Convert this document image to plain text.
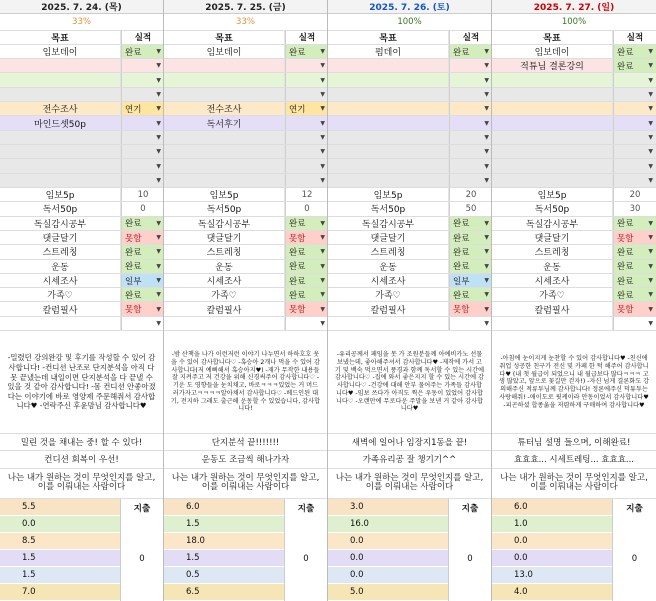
2025. 7. 24. (목)
33%
목표	실적
임보데이	완료 ▼
▼
▼
▼
전수조사	연기 ▼
마인드셋50p	▼
▼
▼
▼
▼
임보5p	10
독서50p	0
독실감시공부	완료 ▼
댓글달기	못함 ▼
스트레칭	완료 ▼
운동	완료 ▼
시세조사	일부 ▼
가족♡	완료 ▼
칼럼필사	못함 ▼
▼
-밀렸던 강의완강 및 후기를 작성할 수 있어 감사합니다! -컨디션 난조로 단지분석을 아직 다 못 끝냈는데 내일이면 단지분석을 다 끝낼 수 있을 것 같아 감사합니다! -몸 컨디션 안좋아졌다는 이야기에 바로 영양제 주문해줘서 감사합니다♥ -연락주신 후윤맘님 감사합니다♥
밀린 것을 채내는 중! 할 수 있다!
컨디션 회복이 우선!
나는 내가 원하는 것이 무엇인지를 알고, 이를 이뤄내는 사람이다
5.5
0.0
8.5
1.5
1.5
7.0
지출
0
2025. 7. 25. (금)
33%
목표	실적
임보데이	완료 ▼
▼
▼
▼
전수조사	연기 ▼
독서후기	▼
▼
▼
▼
▼
임보5p	12
독서50p	0
독실감시공부	완료 ▼
댓글달기	못함 ▼
스트레칭	완료 ▼
운동	완료 ▼
시세조사	완료 ▼
가족♡	완료 ▼
칼럼필사	못함 ▼
▼
-밤 산책을 나가 이런저런 이야기 나누면서 하하호호 웃을 수 있어 감사합니다♡ -혹승아 2개나 먹을 수 있어 감사합니다(저 예뻐해서 혹승아지♥) -재가 무작한 내용들 잘 지켜주고 저 건강을 위해 신경써주어 감사합니다♡ -기운 도 영향들을 눈치채고, 바로ㅋㅋㅋ있었는 거 머드러가자고ㅋㅋㅋㅋ알아채서 감사합니다♡ -베드인된 대기, 전지하 그래도 출근해 운동할 수 있었습니다, 감사합니다!
단지분석 끝!!!!!!!
운동도 조금씩 해나가자
나는 내가 원하는 것이 무엇인지를 알고, 이를 이뤄내는 사람이다
6.0
1.5
18.0
1.5
0.5
6.5
지출
0
2025. 7. 26. (토)
100%
목표	실적
펌데이	완료 ▼
▼
▼
▼
▼
▼
▼
▼
▼
▼
임보5p	20
독서50p	50
독실감시공부	완료 ▼
댓글달기	완료 ▼
스트레칭	완료 ▼
운동	완료 ▼
시세조사	일부 ▼
가족♡	완료 ▼
칼럼필사	못함 ▼
▼
-유리공께서 페임을 못 가 조원분들께 아예비카노 선물 보냈는데, 좋아해주셔서 감사합니다♥ -제작에 가서 고기 및 백숙 먹으면서 풍경과 함께 독서할 수 있는 시간에 감사합니다♡ -집에 와서 좋은지지 할 수 있는 시간에 감사합니다♡ -건강에 대해 안부 물어주는 가족들 감사합니다♥ -임보 쓰다가 아직도 찍은 우동이 있었어 감사합니다♡ -오랜만에 무로다운 주말을 보낸 거 같아 감사합니다♥
새벽에 일어나 임장지1동을 끝!
가족유리공 잘 챙기기^^
나는 내가 원하는 것이 무엇인지를 알고, 이를 이뤄내는 사람이다
3.0
16.0
0.0
0.0
0.0
5.0
지출
0
2025. 7. 27. (일)
100%
목표	실적
임보데이	완료 ▼
적튜님 결론강의	완료 ▼
▼
▼
▼
▼
▼
▼
▼
▼
임보5p	20
독서50p	30
독실감시공부	완료 ▼
댓글달기	못함 ▼
스트레칭	완료 ▼
운동	완료 ▼
시세조사	완료 ▼
가족♡	완료 ▼
칼럼필사	못함 ▼
▼
-아침에 눈이지게 눈찬할 수 있어 감사합니다♥ -친신에 취업 성공한 친구가 전신 및 카페 한 턱 해주어 감사합니다♥ (내 첫 월급이 되었으니 내 월급보다 많다ㅋㅋㅋ 고생 많았고, 앞으로 꽃길만 걷자!) -자신 넘게 결론화도 강의해주신 적류투님께 감사합니다! 정론에주신 덕튜투는 사랑해줘! -애이도로 핏케이라 안동이었서 감사합니다♥ -피곤하셨 합종옮을 저렴하게 구매하여 감사합니다♥
튜터님 설명 들으며, 이해완료!
효효효... 시세트레팅... 효효효...
나는 내가 원하는 것이 무엇인지를 알고, 이를 이뤄내는 사람이다
6.0
1.0
0.0
0.0
13.0
4.0
지출
0
